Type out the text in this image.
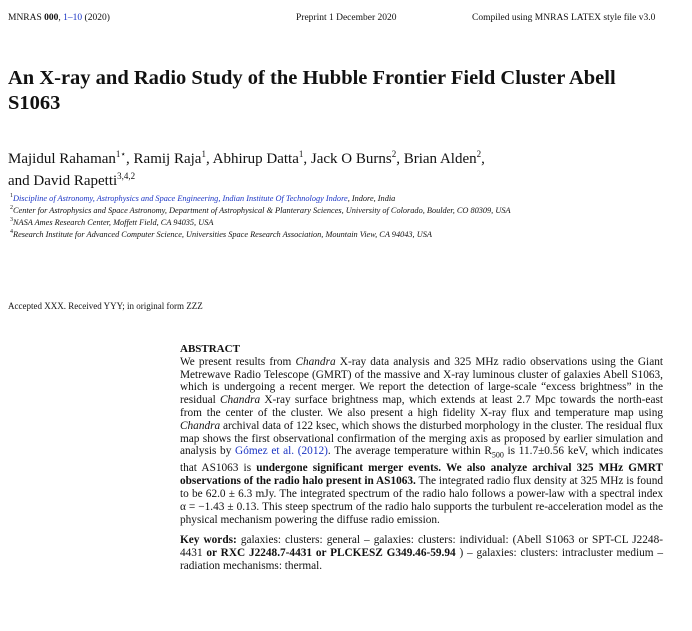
MNRAS 000, 1–10 (2020)	Preprint 1 December 2020	Compiled using MNRAS LATEX style file v3.0
An X-ray and Radio Study of the Hubble Frontier Field Cluster Abell S1063
Majidul Rahaman$^{1⋆}$, Ramij Raja$^1$, Abhirup Datta$^1$, Jack O Burns$^2$, Brian Alden$^2$,
and David Rapetti$^{3,4,2}$
$^1$Discipline of Astronomy, Astrophysics and Space Engineering, Indian Institute Of Technology Indore, Indore, India
$^2$Center for Astrophysics and Space Astronomy, Department of Astrophysical & Planterary Sciences, University of Colorado, Boulder, CO 80309, USA
$^3$NASA Ames Research Center, Moffett Field, CA 94035, USA
$^4$Research Institute for Advanced Computer Science, Universities Space Research Association, Mountain View, CA 94043, USA
Accepted XXX. Received YYY; in original form ZZZ
ABSTRACT
We present results from Chandra X-ray data analysis and 325 MHz radio observations using the Giant Metrewave Radio Telescope (GMRT) of the massive and X-ray luminous cluster of galaxies Abell S1063, which is undergoing a recent merger. We report the detection of large-scale “excess brightness” in the residual Chandra X-ray surface brightness map, which extends at least 2.7 Mpc towards the north-east from the center of the cluster. We also present a high fidelity X-ray flux and temperature map using Chandra archival data of 122 ksec, which shows the disturbed morphology in the cluster. The residual flux map shows the first observational confirmation of the merging axis as proposed by earlier simulation and analysis by Gómez et al. (2012). The average temperature within $R_{500}$ is 11.7±0.56 keV, which indicates that AS1063 is undergone significant merger events. We also analyze archival 325 MHz GMRT observations of the radio halo present in AS1063. The integrated radio flux density at 325 MHz is found to be 62.0 ± 6.3 mJy. The integrated spectrum of the radio halo follows a power-law with a spectral index α = −1.43 ± 0.13. This steep spectrum of the radio halo supports the turbulent re-acceleration model as the physical mechanism powering the diffuse radio emission.
Key words: galaxies: clusters: general – galaxies: clusters: individual: (Abell S1063 or SPT-CL J2248-4431 or RXC J2248.7-4431 or PLCKESZ G349.46-59.94 ) – galaxies: clusters: intracluster medium – radiation mechanisms: thermal.
